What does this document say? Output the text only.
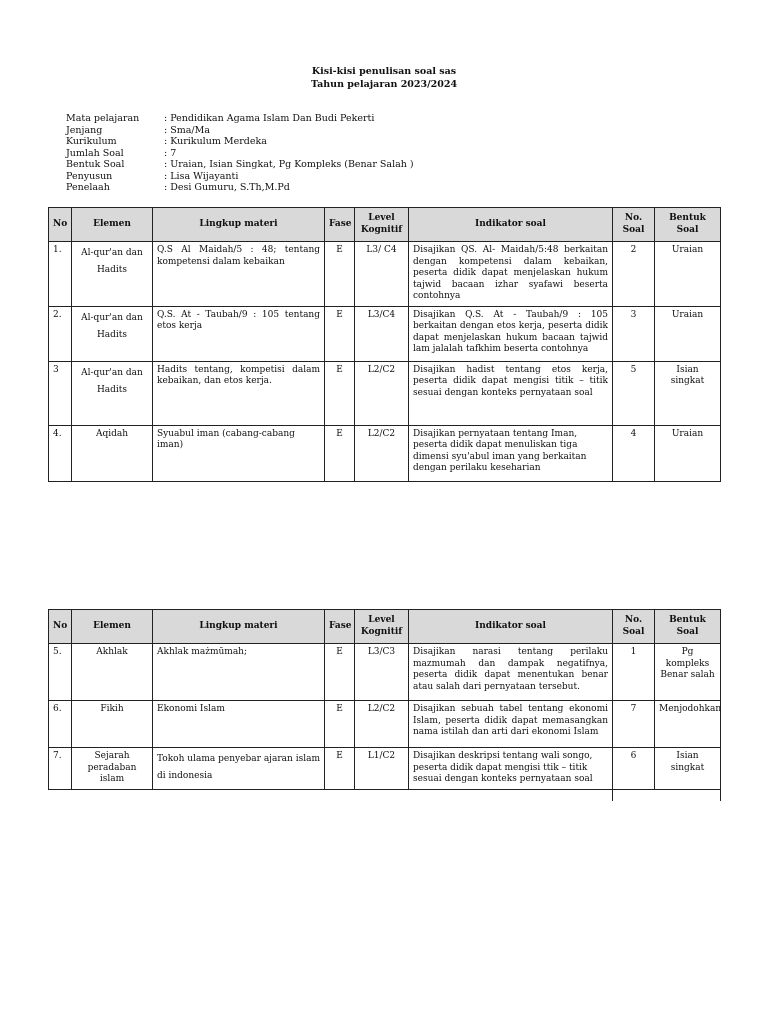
Kisi-kisi penulisan soal sas
Tahun pelajaran 2023/2024
Mata pelajaran	: Pendidikan Agama Islam Dan Budi Pekerti
Jenjang	: Sma/Ma
Kurikulum	: Kurikulum Merdeka
Jumlah Soal	: 7
Bentuk Soal	: Uraian, Isian Singkat, Pg Kompleks (Benar Salah )
Penyusun	: Lisa Wijayanti
Penelaah	: Desi Gumuru, S.Th,M.Pd
No	Elemen	Lingkup materi	Fase	Level Kognitif	Indikator soal	No. Soal	Bentuk Soal
1.	Al-qur'an dan Hadits	Q.S Al Maidah/5 : 48; tentang kompetensi dalam kebaikan	E	L3/ C4	Disajikan QS. Al- Maidah/5:48 berkaitan dengan kompetensi dalam kebaikan, peserta didik dapat menjelaskan hukum tajwid bacaan izhar syafawi beserta contohnya	2	Uraian
2.	Al-qur'an dan Hadits	Q.S. At - Taubah/9 : 105 tentang etos kerja	E	L3/C4	Disajikan Q.S. At - Taubah/9 : 105 berkaitan dengan etos kerja, peserta didik dapat menjelaskan hukum bacaan tajwid lam jalalah tafkhim beserta contohnya	3	Uraian
3	Al-qur'an dan Hadits	Hadits tentang, kompetisi dalam kebaikan, dan etos kerja.	E	L2/C2	Disajikan hadist tentang etos kerja, peserta didik dapat mengisi titik – titik sesuai dengan konteks pernyataan soal	5	Isian singkat
4.	Aqidah	Syuabul iman (cabang-cabang iman)	E	L2/C2	Disajikan pernyataan tentang Iman, peserta didik dapat menuliskan tiga dimensi syu'abul iman yang berkaitan dengan perilaku keseharian	4	Uraian
No	Elemen	Lingkup materi	Fase	Level Kognitif	Indikator soal	No. Soal	Bentuk Soal
5.	Akhlak	Akhlak mażmūmah;	E	L3/C3	Disajikan narasi tentang perilaku mazmumah dan dampak negatifnya, peserta didik dapat menentukan benar atau salah dari pernyataan tersebut.	1	Pg kompleks Benar salah
6.	Fikih	Ekonomi Islam	E	L2/C2	Disajikan sebuah tabel tentang ekonomi Islam, peserta didik dapat memasangkan nama istilah dan arti dari ekonomi Islam	7	Menjodohkan
7.	Sejarah peradaban islam	Tokoh ulama penyebar ajaran islam di indonesia	E	L1/C2	Disajikan deskripsi tentang wali songo, peserta didik dapat mengisi ttik – titik sesuai dengan konteks pernyataan soal	6	Isian singkat
